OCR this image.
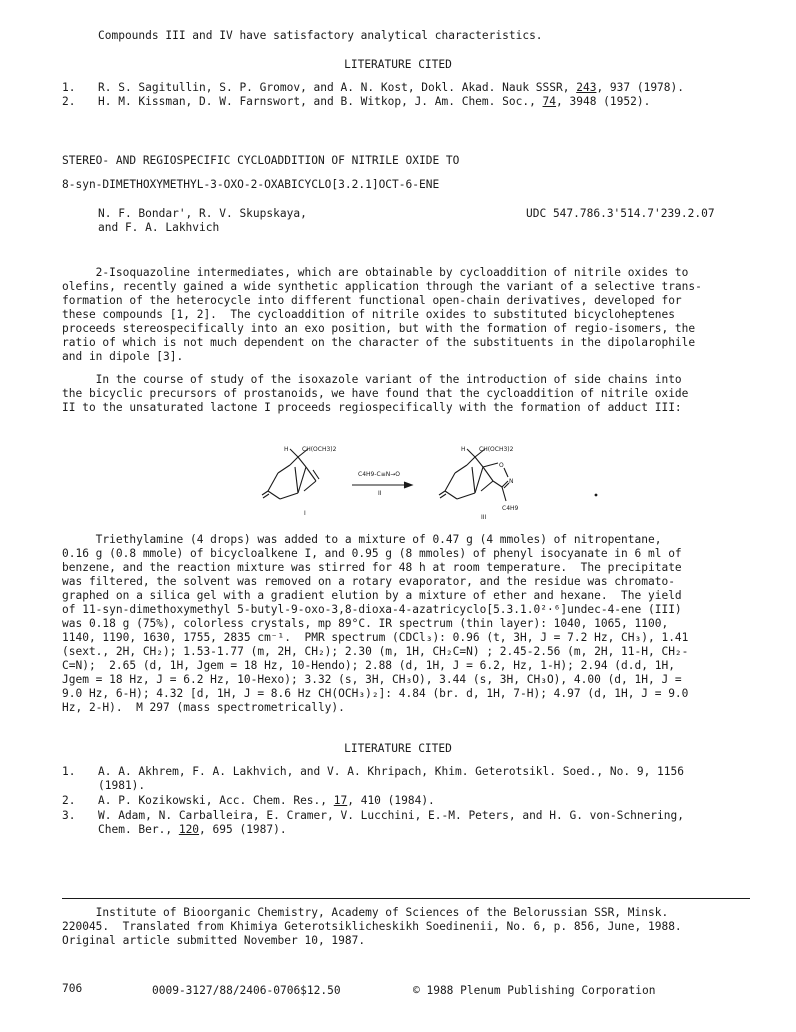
Compounds III and IV have satisfactory analytical characteristics.
LITERATURE CITED
1. R. S. Sagitullin, S. P. Gromov, and A. N. Kost, Dokl. Akad. Nauk SSSR, 243, 937 (1978).
2. H. M. Kissman, D. W. Farnswort, and B. Witkop, J. Am. Chem. Soc., 74, 3948 (1952).
STEREO- AND REGIOSPECIFIC CYCLOADDITION OF NITRILE OXIDE TO
8-syn-DIMETHOXYMETHYL-3-OXO-2-OXABICYCLO[3.2.1]OCT-6-ENE
N. F. Bondar', R. V. Skupskaya,
and F. A. Lakhvich
UDC 547.786.3'514.7'239.2.07
2-Isoquazoline intermediates, which are obtainable by cycloaddition of nitrile oxides to
olefins, recently gained a wide synthetic application through the variant of a selective trans-
formation of the heterocycle into different functional open-chain derivatives, developed for
these compounds [1, 2].  The cycloaddition of nitrile oxides to substituted bicycloheptenes
proceeds stereospecifically into an exo position, but with the formation of regio-isomers, the
ratio of which is not much dependent on the character of the substituents in the dipolarophile
and in dipole [3].
In the course of study of the isoxazole variant of the introduction of side chains into
the bicyclic precursors of prostanoids, we have found that the cycloaddition of nitrile oxide
II to the unsaturated lactone I proceeds regiospecifically with the formation of adduct III:
H CH(OCH3)2
I
C4H9-C≡N→O
II
H CH(OCH3)2
O
N
C4H9
III
Triethylamine (4 drops) was added to a mixture of 0.47 g (4 mmoles) of nitropentane,
0.16 g (0.8 mmole) of bicycloalkene I, and 0.95 g (8 mmoles) of phenyl isocyanate in 6 ml of
benzene, and the reaction mixture was stirred for 48 h at room temperature.  The precipitate
was filtered, the solvent was removed on a rotary evaporator, and the residue was chromato-
graphed on a silica gel with a gradient elution by a mixture of ether and hexane.  The yield
of 11-syn-dimethoxymethyl 5-butyl-9-oxo-3,8-dioxa-4-azatricyclo[5.3.1.0²·⁶]undec-4-ene (III)
was 0.18 g (75%), colorless crystals, mp 89°C. IR spectrum (thin layer): 1040, 1065, 1100,
1140, 1190, 1630, 1755, 2835 cm⁻¹.  PMR spectrum (CDCl₃): 0.96 (t, 3H, J = 7.2 Hz, CH₃), 1.41
(sext., 2H, CH₂); 1.53-1.77 (m, 2H, CH₂); 2.30 (m, 1H, CH₂C=N) ; 2.45-2.56 (m, 2H, 11-H, CH₂-
C=N);  2.65 (d, 1H, Jgem = 18 Hz, 10-Hendo); 2.88 (d, 1H, J = 6.2, Hz, 1-H); 2.94 (d.d, 1H,
Jgem = 18 Hz, J = 6.2 Hz, 10-Hexo); 3.32 (s, 3H, CH₃O), 3.44 (s, 3H, CH₃O), 4.00 (d, 1H, J =
9.0 Hz, 6-H); 4.32 [d, 1H, J = 8.6 Hz CH(OCH₃)₂]: 4.84 (br. d, 1H, 7-H); 4.97 (d, 1H, J = 9.0
Hz, 2-H).  M 297 (mass spectrometrically).
LITERATURE CITED
1. A. A. Akhrem, F. A. Lakhvich, and V. A. Khripach, Khim. Geterotsikl. Soed., No. 9, 1156
(1981).
2. A. P. Kozikowski, Acc. Chem. Res., 17, 410 (1984).
3. W. Adam, N. Carballeira, E. Cramer, V. Lucchini, E.-M. Peters, and H. G. von-Schnering,
Chem. Ber., 120, 695 (1987).
Institute of Bioorganic Chemistry, Academy of Sciences of the Belorussian SSR, Minsk.
220045.  Translated from Khimiya Geterotsiklicheskikh Soedinenii, No. 6, p. 856, June, 1988.
Original article submitted November 10, 1987.
706	0009-3127/88/2406-0706$12.50	© 1988 Plenum Publishing Corporation
